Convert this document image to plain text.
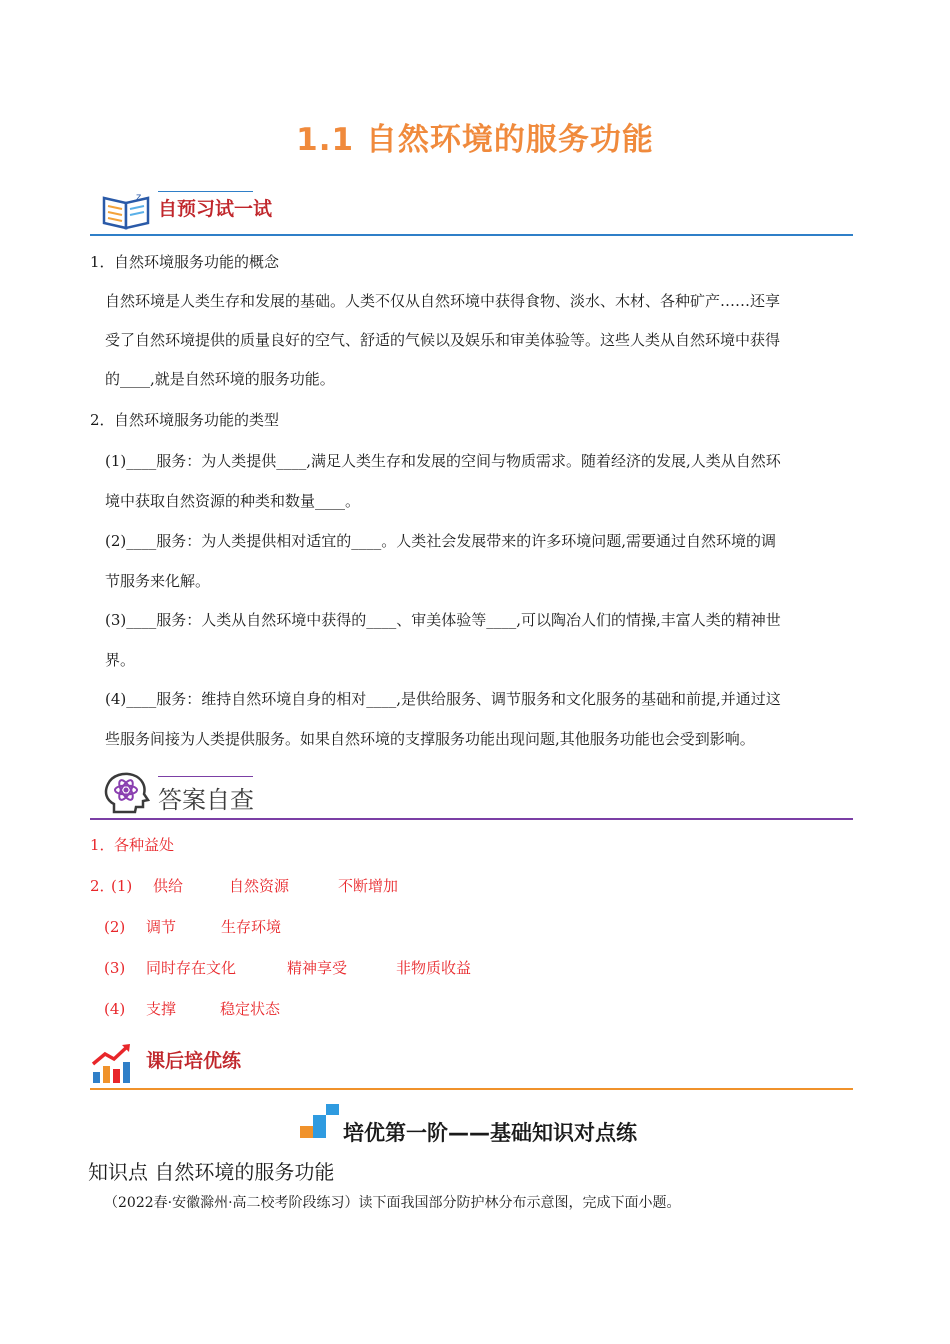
1.1 自然环境的服务功能
z
自预习试一试
1． 自然环境服务功能的概念
自然环境是人类生存和发展的基础。人类不仅从自然环境中获得食物、淡水、木材、各种矿产……还享
受了自然环境提供的质量良好的空气、舒适的气候以及娱乐和审美体验等。这些人类从自然环境中获得
的____,就是自然环境的服务功能。
2． 自然环境服务功能的类型
(1)____服务：为人类提供____,满足人类生存和发展的空间与物质需求。随着经济的发展,人类从自然环
境中获取自然资源的种类和数量____。
(2)____服务：为人类提供相对适宜的____。人类社会发展带来的许多环境问题,需要通过自然环境的调
节服务来化解。
(3)____服务：人类从自然环境中获得的____、审美体验等____,可以陶冶人们的情操,丰富人类的精神世
界。
(4)____服务：维持自然环境自身的相对____,是供给服务、调节服务和文化服务的基础和前提,并通过这
些服务间接为人类提供服务。如果自然环境的支撑服务功能出现问题,其他服务功能也会受到影响。
答案自查
1． 各种益处
2．
(1) 供给	自然资源	不断增加
(2) 调节	生存环境
(3) 同时存在文化	精神享受	非物质收益
(4) 支撑	稳定状态
课后培优练
培优第一阶——基础知识对点练
知识点 自然环境的服务功能
（2022春·安徽滁州·高二校考阶段练习）读下面我国部分防护林分布示意图，完成下面小题。
